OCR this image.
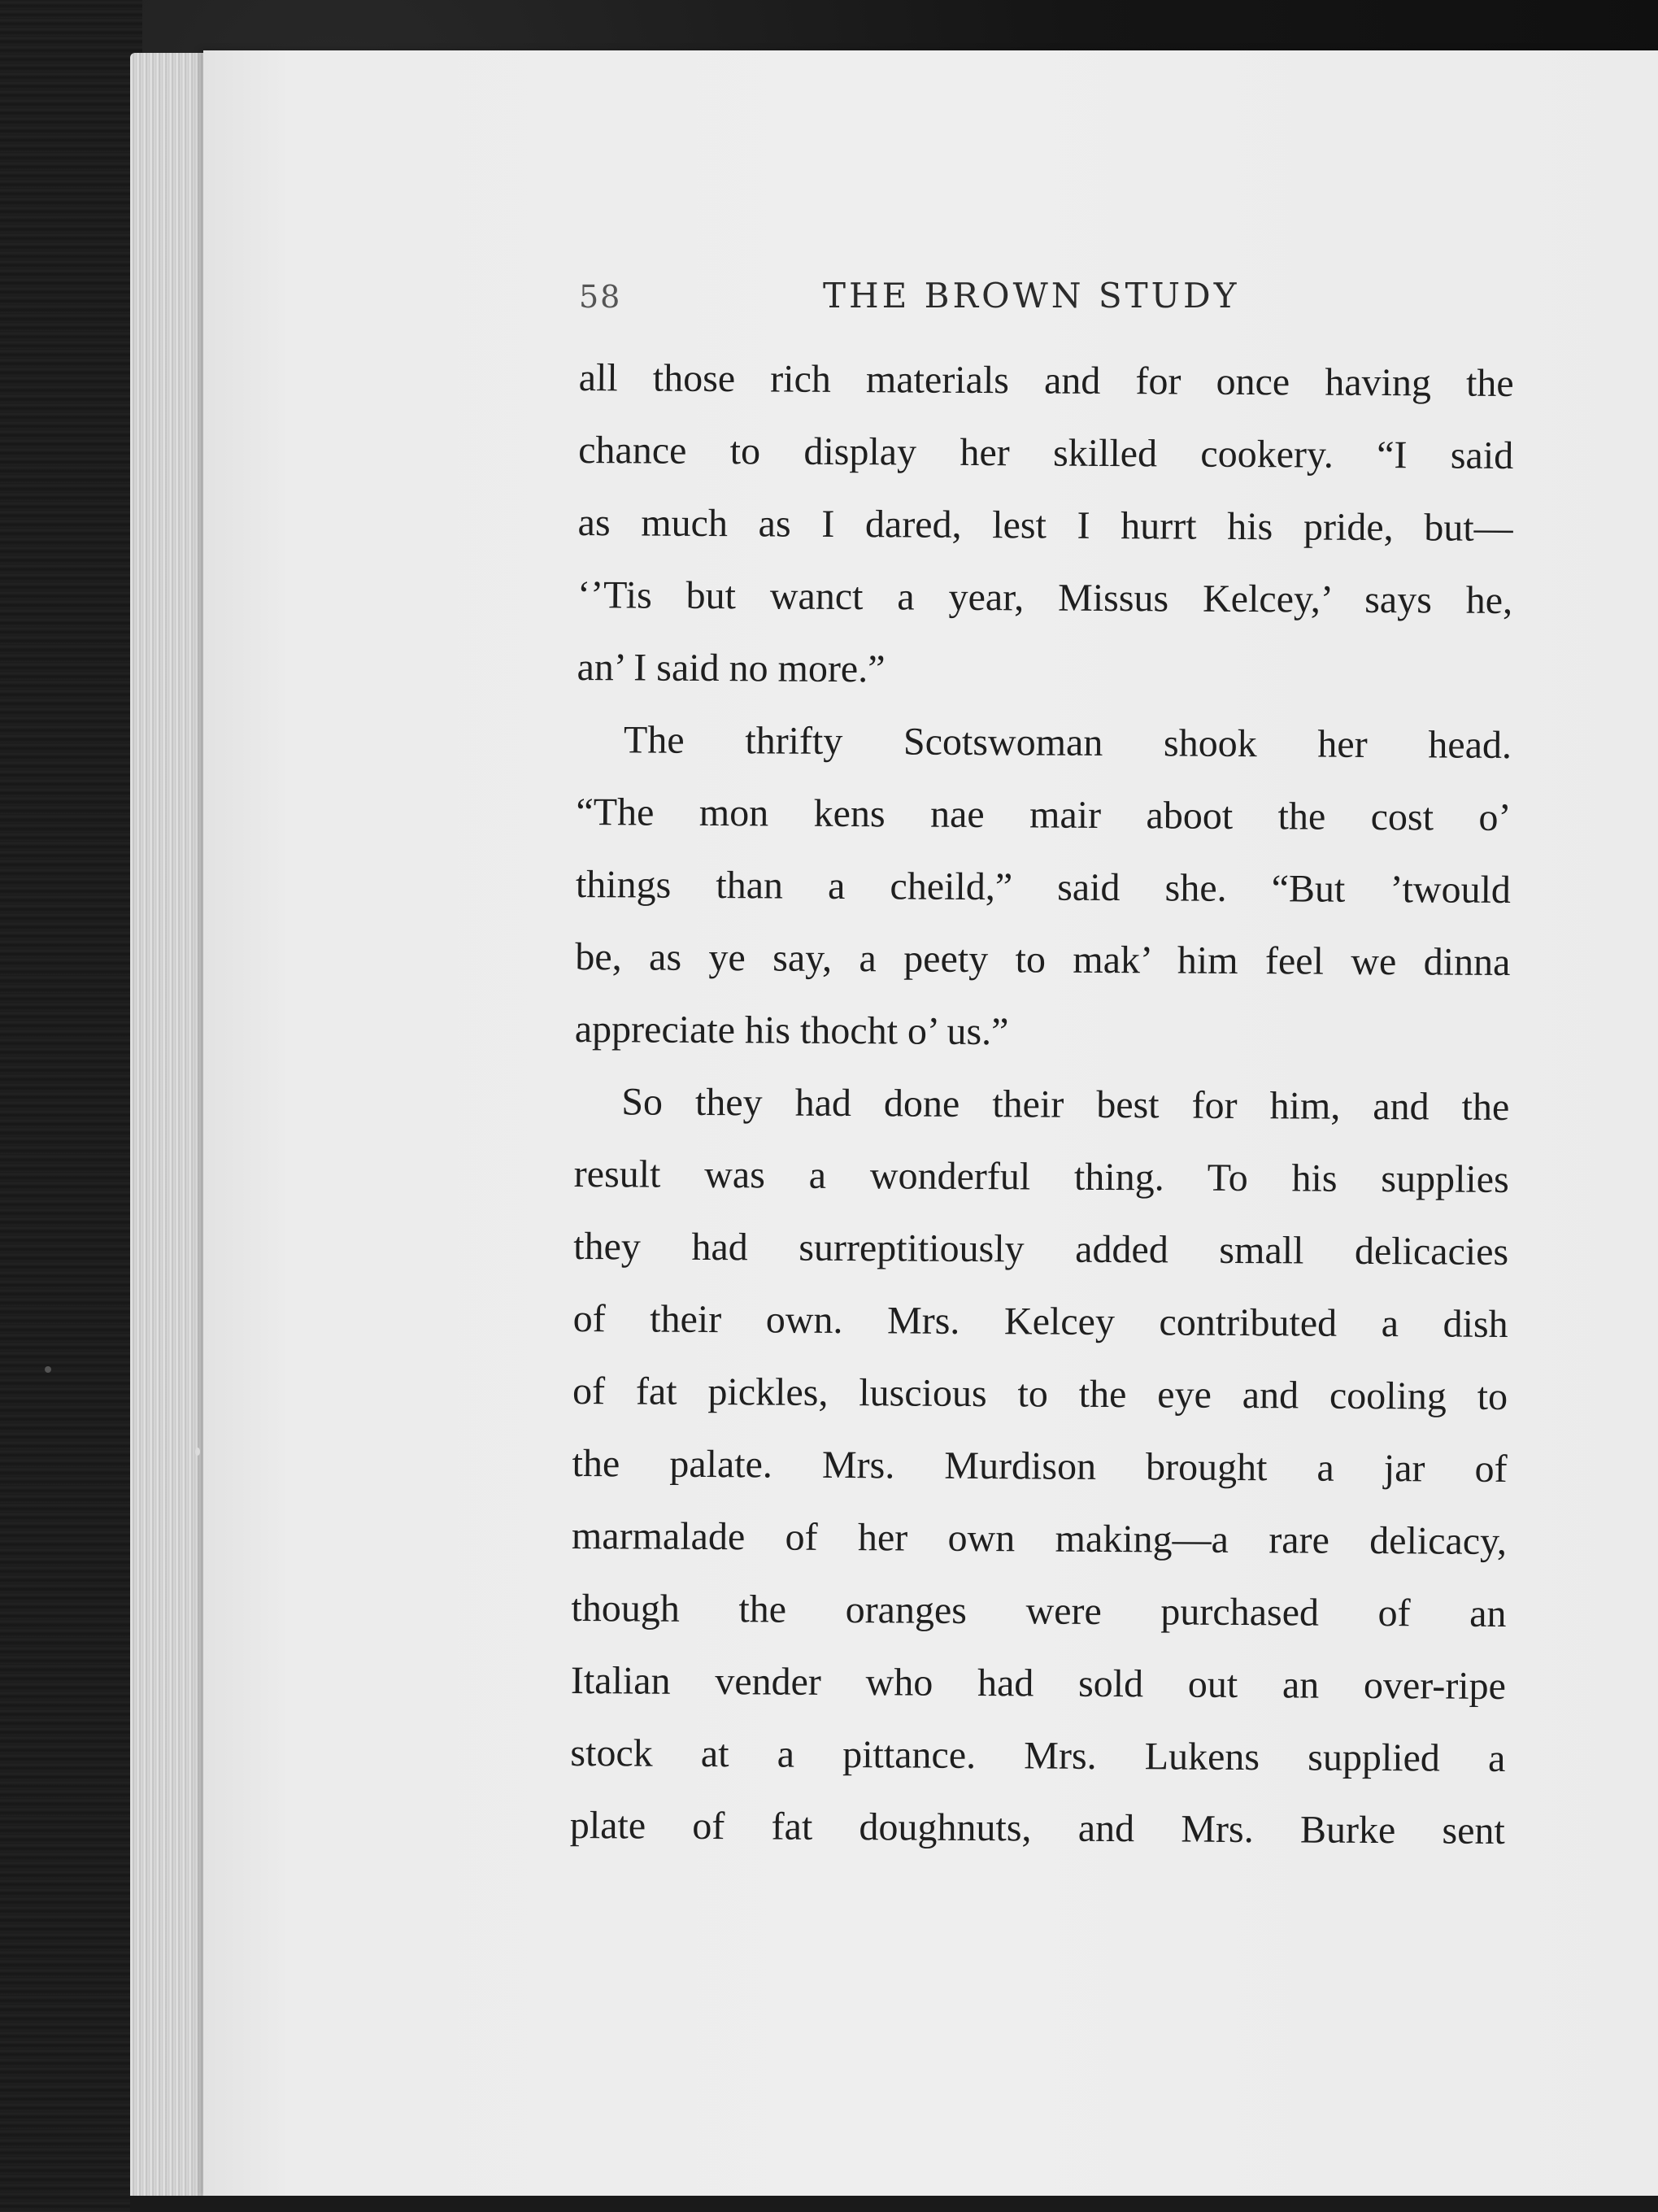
58	THE BROWN STUDY
all those rich materials and for once having the
chance to display her skilled cookery. “I said
as much as I dared, lest I hurrt his pride, but—
‘’Tis but wanct a year, Missus Kelcey,’ says he,
an’ I said no more.”
The thrifty Scotswoman shook her head.
“The mon kens nae mair aboot the cost o’
things than a cheild,” said she. “But ’twould
be, as ye say, a peety to mak’ him feel we dinna
appreciate his thocht o’ us.”
So they had done their best for him, and the
result was a wonderful thing. To his supplies
they had surreptitiously added small delicacies
of their own. Mrs. Kelcey contributed a dish
of fat pickles, luscious to the eye and cooling to
the palate. Mrs. Murdison brought a jar of
marmalade of her own making—a rare delicacy,
though the oranges were purchased of an
Italian vender who had sold out an over-ripe
stock at a pittance. Mrs. Lukens supplied a
plate of fat doughnuts, and Mrs. Burke sent
